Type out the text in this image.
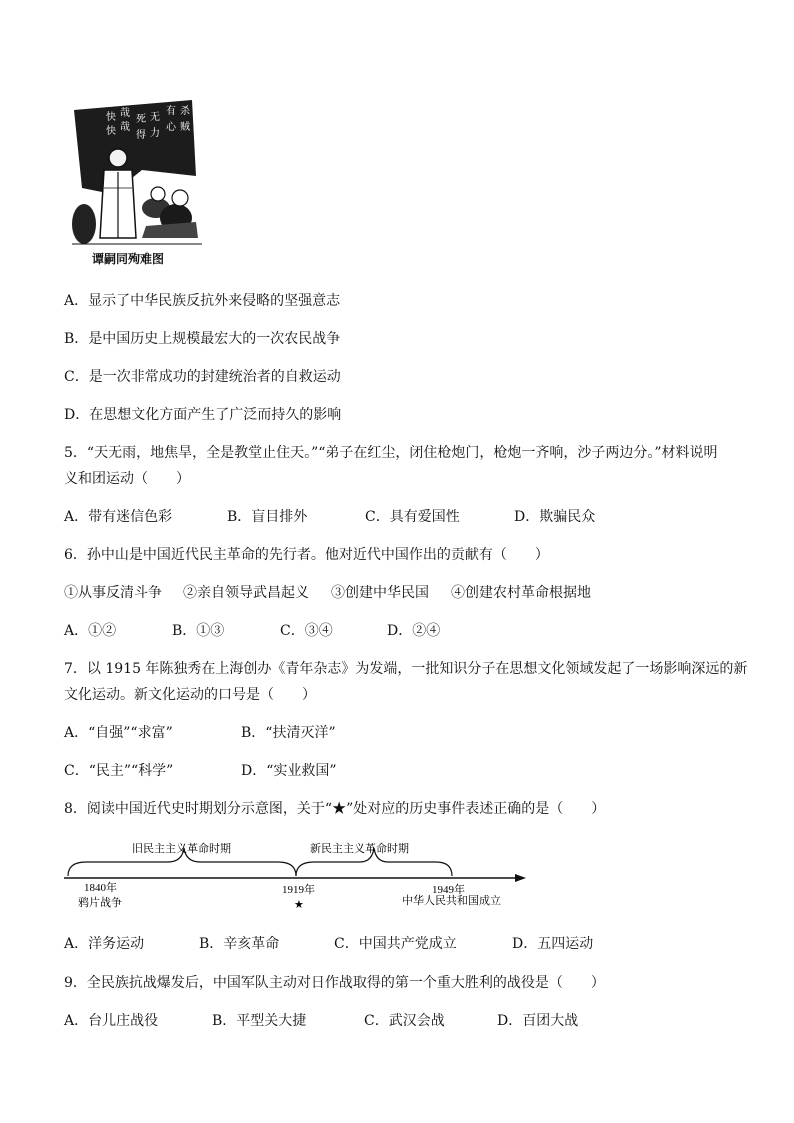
快 哉
快 哉
死
得
无
力
有
心
杀
贼
谭嗣同殉难图
A．显示了中华民族反抗外来侵略的坚强意志
B．是中国历史上规模最宏大的一次农民战争
C．是一次非常成功的封建统治者的自救运动
D．在思想文化方面产生了广泛而持久的影响
5．“天无雨，地焦旱，全是教堂止住天。”“弟子在红尘，闭住枪炮门，枪炮一齐响，沙子两边分。”材料说明
义和团运动（　　）
A．带有迷信色彩	B．盲目排外	C．具有爱国性	D．欺骗民众
6．孙中山是中国近代民主革命的先行者。他对近代中国作出的贡献有（　　）
①从事反清斗争 ②亲自领导武昌起义 ③创建中华民国 ④创建农村革命根据地
A．①②	B．①③	C．③④	D．②④
7．以 1915 年陈独秀在上海创办《青年杂志》为发端，一批知识分子在思想文化领域发起了一场影响深远的新
文化运动。新文化运动的口号是（　　）
A．“自强”“求富”	B．“扶清灭洋”
C．“民主”“科学”	D．“实业救国”
8．阅读中国近代史时期划分示意图，关于“★”处对应的历史事件表述正确的是（　　）
旧民主主义革命时期	新民主主义革命时期
1840年
鸦片战争
1919年
★
1949年
中华人民共和国成立
A．洋务运动	B．辛亥革命	C．中国共产党成立	D．五四运动
9．全民族抗战爆发后，中国军队主动对日作战取得的第一个重大胜利的战役是（　　）
A．台儿庄战役	B．平型关大捷	C．武汉会战	D．百团大战
